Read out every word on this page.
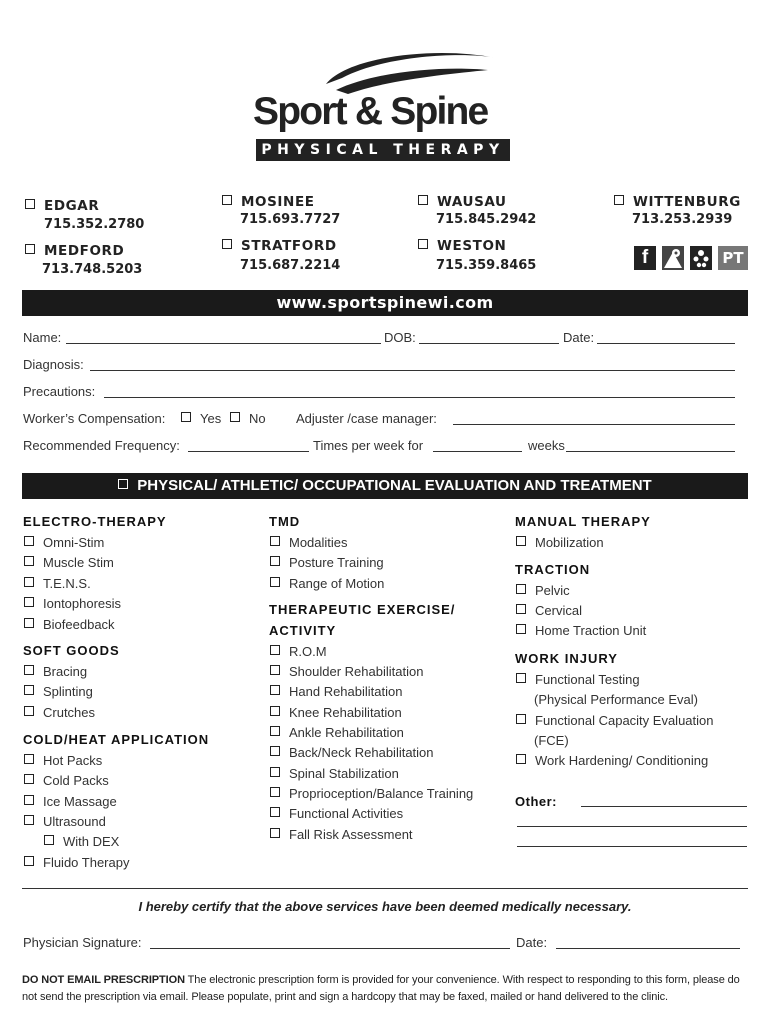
Sport & Spine
PHYSICAL THERAPY
EDGAR
715.352.2780
MEDFORD
713.748.5203
MOSINEE
715.693.7727
STRATFORD
715.687.2214
WAUSAU
715.845.2942
WESTON
715.359.8465
WITTENBURG
713.253.2939
f	PT
www.sportspinewi.com
Name:	DOB:	Date:
Diagnosis:
Precautions:
Worker’s Compensation:	Yes	No Adjuster /case manager:
Recommended Frequency:	Times per week for	weeks
PHYSICAL/ ATHLETIC/ OCCUPATIONAL EVALUATION AND TREATMENT
ELECTRO-THERAPY
Omni-Stim
Muscle Stim
T.E.N.S.
Iontophoresis
Biofeedback
SOFT GOODS
Bracing
Splinting
Crutches
COLD/HEAT APPLICATION
Hot Packs
Cold Packs
Ice Massage
Ultrasound
With DEX
Fluido Therapy
TMD
Modalities
Posture Training
Range of Motion
THERAPEUTIC EXERCISE/
ACTIVITY
R.O.M
Shoulder Rehabilitation
Hand Rehabilitation
Knee Rehabilitation
Ankle Rehabilitation
Back/Neck Rehabilitation
Spinal Stabilization
Proprioception/Balance Training
Functional Activities
Fall Risk Assessment
MANUAL THERAPY
Mobilization
TRACTION
Pelvic
Cervical
Home Traction Unit
WORK INJURY
Functional Testing
(Physical Performance Eval)
Functional Capacity Evaluation
(FCE)
Work Hardening/ Conditioning
Other:
I hereby certify that the above services have been deemed medically necessary.
Physician Signature:	Date:
DO NOT EMAIL PRESCRIPTION The electronic prescription form is provided for your convenience. With respect to responding to this form, please do not send the prescription via email. Please populate, print and sign a hardcopy that may be faxed, mailed or hand delivered to the clinic.
